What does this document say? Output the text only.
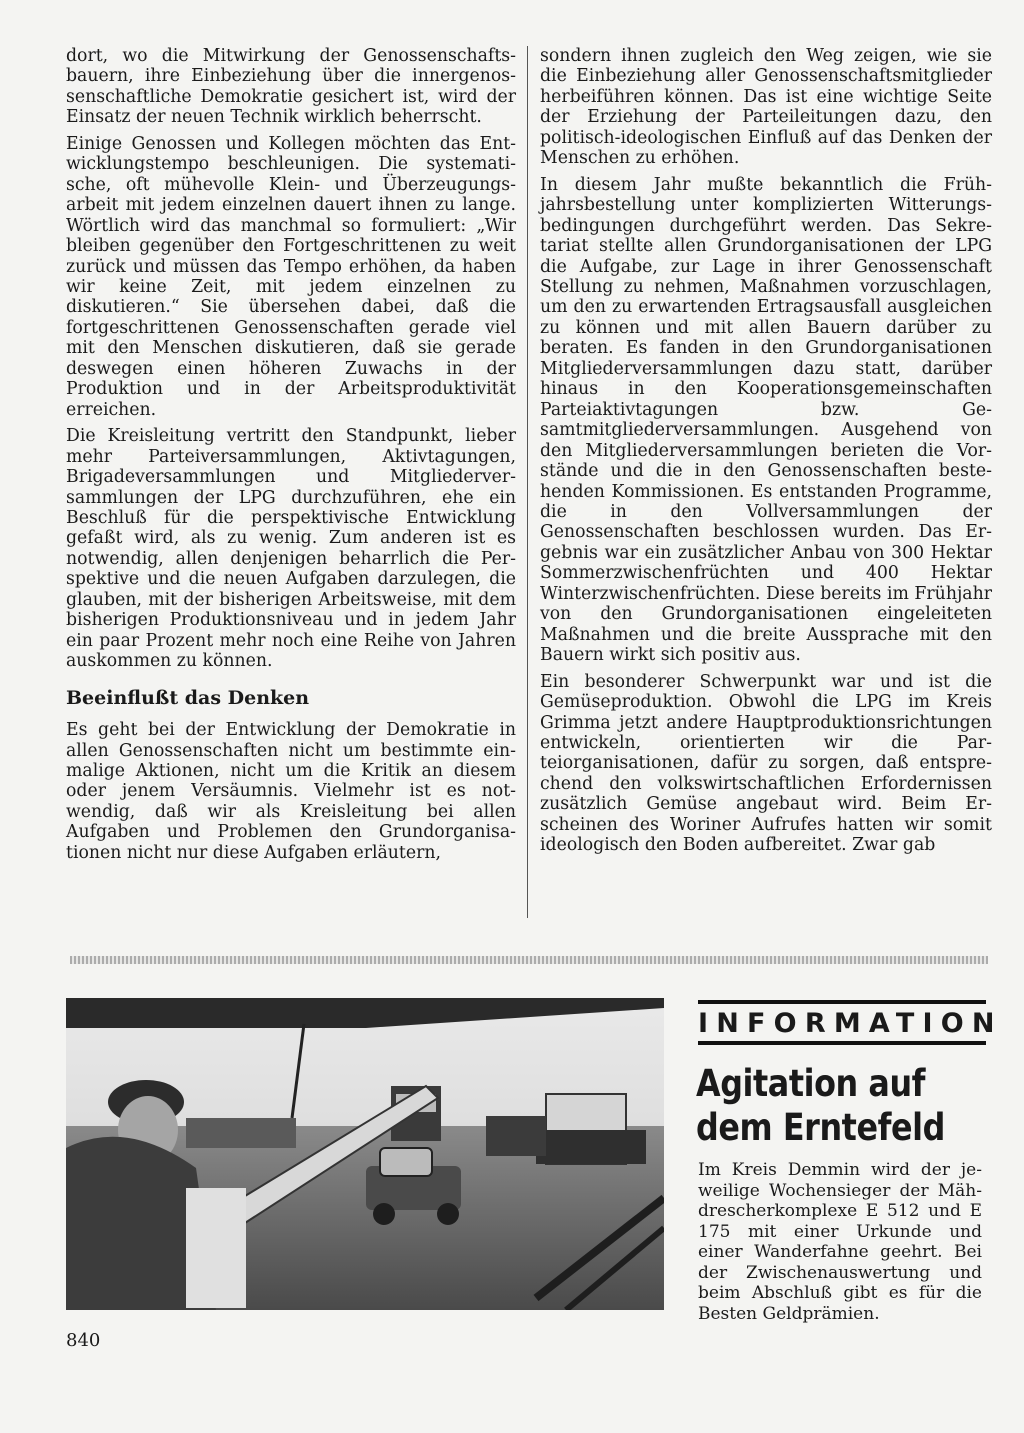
dort, wo die Mitwirkung der Genossenschaftsbauern, ihre Einbeziehung über die innergenossenschaftliche Demokratie gesichert ist, wird der Einsatz der neuen Technik wirklich beherrscht.

Einige Genossen und Kollegen möchten das Entwicklungstempo beschleunigen. Die systematische, oft mühevolle Klein- und Überzeugungsarbeit mit jedem einzelnen dauert ihnen zu lange. Wörtlich wird das manchmal so formuliert: „Wir bleiben gegenüber den Fortgeschrittenen zu weit zurück und müssen das Tempo erhöhen, da haben wir keine Zeit, mit jedem einzelnen zu diskutieren.“ Sie übersehen dabei, daß die fortgeschrittenen Genossenschaften gerade viel mit den Menschen diskutieren, daß sie gerade deswegen einen höheren Zuwachs in der Produktion und in der Arbeitsproduktivität erreichen.

Die Kreisleitung vertritt den Standpunkt, lieber mehr Parteiversammlungen, Aktivtagungen, Brigadeversammlungen und Mitgliederversammlungen der LPG durchzuführen, ehe ein Beschluß für die perspektivische Entwicklung gefaßt wird, als zu wenig. Zum anderen ist es notwendig, allen denjenigen beharrlich die Perspektive und die neuen Aufgaben darzulegen, die glauben, mit der bisherigen Arbeitsweise, mit dem bisherigen Produktionsniveau und in jedem Jahr ein paar Prozent mehr noch eine Reihe von Jahren auskommen zu können.

Beeinflußt das Denken

Es geht bei der Entwicklung der Demokratie in allen Genossenschaften nicht um bestimmte einmalige Aktionen, nicht um die Kritik an diesem oder jenem Versäumnis. Vielmehr ist es notwendig, daß wir als Kreisleitung bei allen Aufgaben und Problemen den Grundorganisationen nicht nur diese Aufgaben erläutern,

sondern ihnen zugleich den Weg zeigen, wie sie die Einbeziehung aller Genossenschaftsmitglieder herbeiführen können. Das ist eine wichtige Seite der Erziehung der Parteileitungen dazu, den politisch-ideologischen Einfluß auf das Denken der Menschen zu erhöhen.

In diesem Jahr mußte bekanntlich die Frühjahrsbestellung unter komplizierten Witterungsbedingungen durchgeführt werden. Das Sekretariat stellte allen Grundorganisationen der LPG die Aufgabe, zur Lage in ihrer Genossenschaft Stellung zu nehmen, Maßnahmen vorzuschlagen, um den zu erwartenden Ertragsausfall ausgleichen zu können und mit allen Bauern darüber zu beraten. Es fanden in den Grundorganisationen Mitgliederversammlungen dazu statt, darüber hinaus in den Kooperationsgemeinschaften Parteiaktivtagungen bzw. Gesamtmitgliederversammlungen. Ausgehend von den Mitgliederversammlungen berieten die Vorstände und die in den Genossenschaften bestehenden Kommissionen. Es entstanden Programme, die in den Vollversammlungen der Genossenschaften beschlossen wurden. Das Ergebnis war ein zusätzlicher Anbau von 300 Hektar Sommerzwischenfrüchten und 400 Hektar Winterzwischenfrüchten. Diese bereits im Frühjahr von den Grundorganisationen eingeleiteten Maßnahmen und die breite Aussprache mit den Bauern wirkt sich positiv aus.

Ein besonderer Schwerpunkt war und ist die Gemüseproduktion. Obwohl die LPG im Kreis Grimma jetzt andere Hauptproduktionsrichtungen entwickeln, orientierten wir die Parteiorganisationen, dafür zu sorgen, daß entsprechend den volkswirtschaftlichen Erfordernissen zusätzlich Gemüse angebaut wird. Beim Erscheinen des Woriner Aufrufes hatten wir somit ideologisch den Boden aufbereitet. Zwar gab

INFORMATION
Agitation auf dem Erntefeld
Im Kreis Demmin wird der jeweilige Wochensieger der Mähdrescherkomplexe E 512 und E 175 mit einer Urkunde und einer Wanderfahne geehrt. Bei der Zwischenauswertung und beim Abschluß gibt es für die Besten Geldprämien.
840
